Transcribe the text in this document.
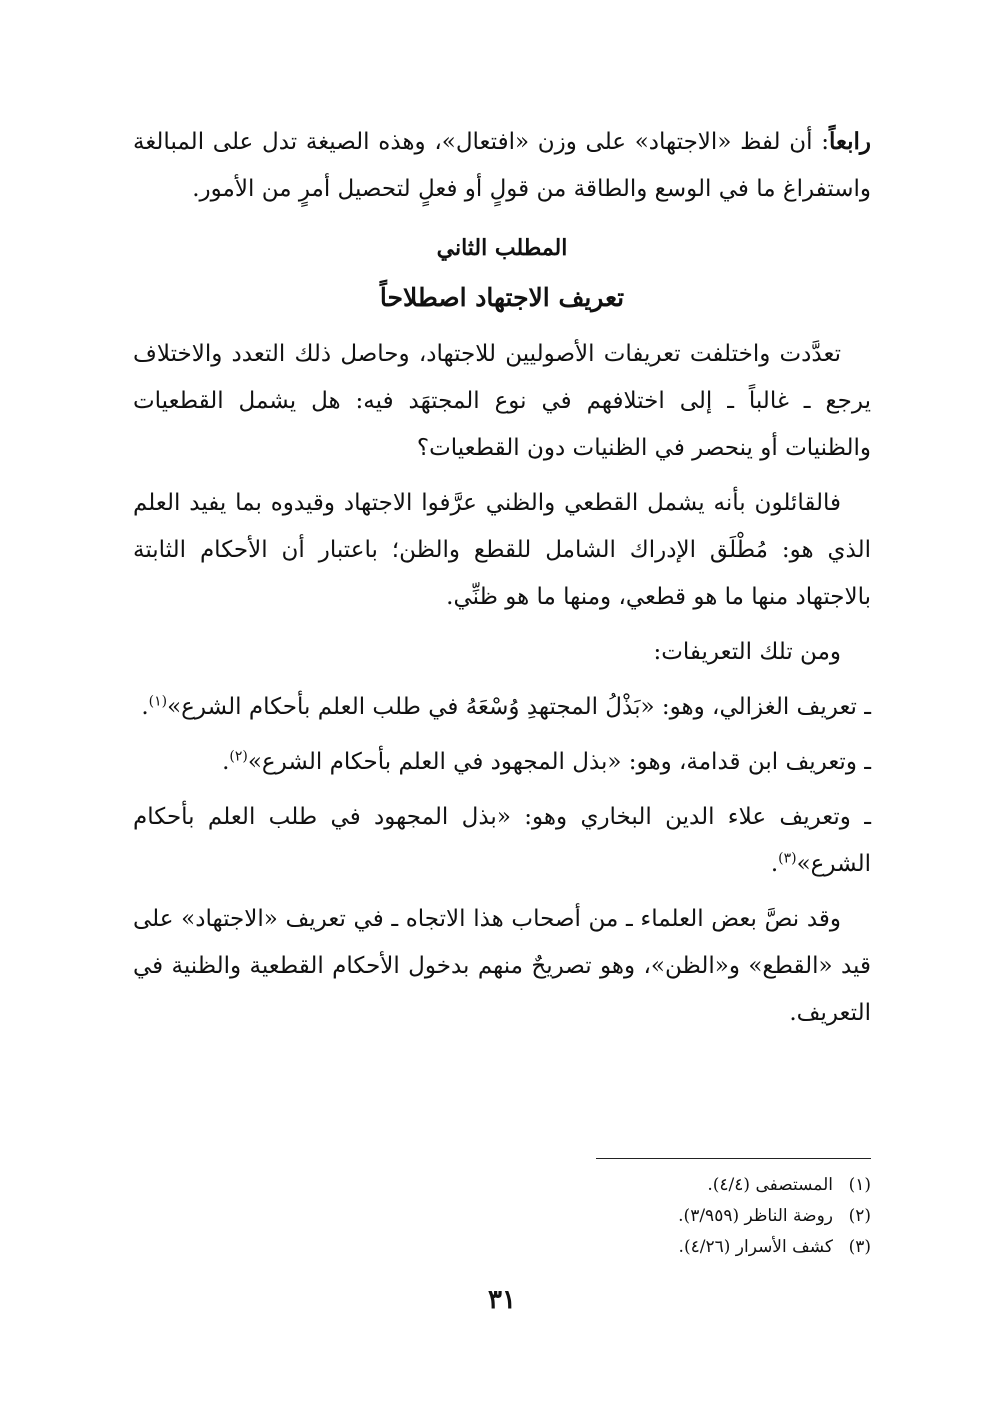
رابعاً: أن لفظ «الاجتهاد» على وزن «افتعال»، وهذه الصيغة تدل على المبالغة واستفراغ ما في الوسع والطاقة من قولٍ أو فعلٍ لتحصيل أمرٍ من الأمور.

المطلب الثاني

تعريف الاجتهاد اصطلاحاً

تعدَّدت واختلفت تعريفات الأصوليين للاجتهاد، وحاصل ذلك التعدد والاختلاف يرجع ـ غالباً ـ إلى اختلافهم في نوع المجتهَد فيه: هل يشمل القطعيات والظنيات أو ينحصر في الظنيات دون القطعيات؟

فالقائلون بأنه يشمل القطعي والظني عرَّفوا الاجتهاد وقيدوه بما يفيد العلم الذي هو: مُطْلَق الإدراك الشامل للقطع والظن؛ باعتبار أن الأحكام الثابتة بالاجتهاد منها ما هو قطعي، ومنها ما هو ظنِّي.

ومن تلك التعريفات:

ـ تعريف الغزالي، وهو: «بَذْلُ المجتهدِ وُسْعَهُ في طلب العلم بأحكام الشرع»$^{(١)}$.

ـ وتعريف ابن قدامة، وهو: «بذل المجهود في العلم بأحكام الشرع»$^{(٢)}$.

ـ وتعريف علاء الدين البخاري وهو: «بذل المجهود في طلب العلم بأحكام الشرع»$^{(٣)}$.

وقد نصَّ بعض العلماء ـ من أصحاب هذا الاتجاه ـ في تعريف «الاجتهاد» على قيد «القطع» و«الظن»، وهو تصريحٌ منهم بدخول الأحكام القطعية والظنية في التعريف.

(١)المستصفى (٤/٤).

(٢)روضة الناظر (٣/٩٥٩).

(٣)كشف الأسرار (٤/٢٦).

٣١
